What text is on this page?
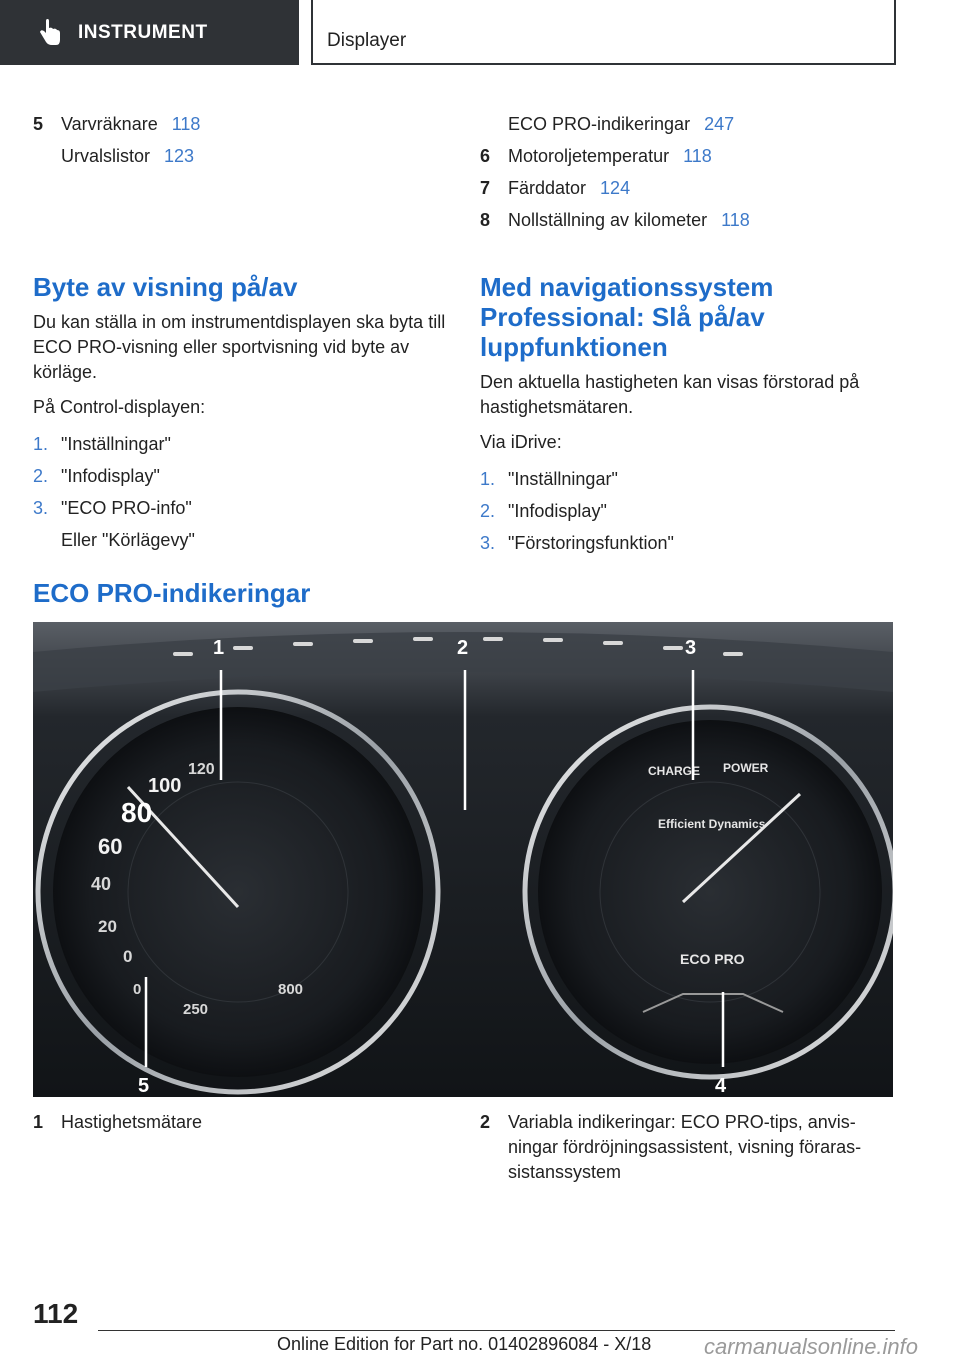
INSTRUMENT	Displayer
5 Varvräknare 118
Urvalslistor 123
ECO PRO-indikeringar 247
6 Motoroljetemperatur 118
7 Färddator 124
8 Nollställning av kilometer 118
Byte av visning på/av

Du kan ställa in om instrumentdisplayen ska byta till ECO PRO-visning eller sportvisning vid byte av körläge.

På Control-displayen:

1. "Inställningar"
2. "Infodisplay"
3. "ECO PRO-info"
Eller "Körlägevy"
Med navigationssystem Professional: Slå på/av luppfunktionen

Den aktuella hastigheten kan visas förstorad på hastighetsmätaren.

Via iDrive:

1. "Inställningar"
2. "Infodisplay"
3. "Förstoringsfunktion"
ECO PRO-indikeringar
0
20
40
60
80
100
120
0
250
800
CHARGE POWER
Efficient Dynamics
ECO PRO
1	2	3
4
5
1 Hastighetsmätare	2 Variabla indikeringar: ECO PRO-tips, anvis-ningar fördröjningsassistent, visning föraras-sistanssystem
112
Online Edition for Part no. 01402896084 - X/18 carmanualsonline.info
